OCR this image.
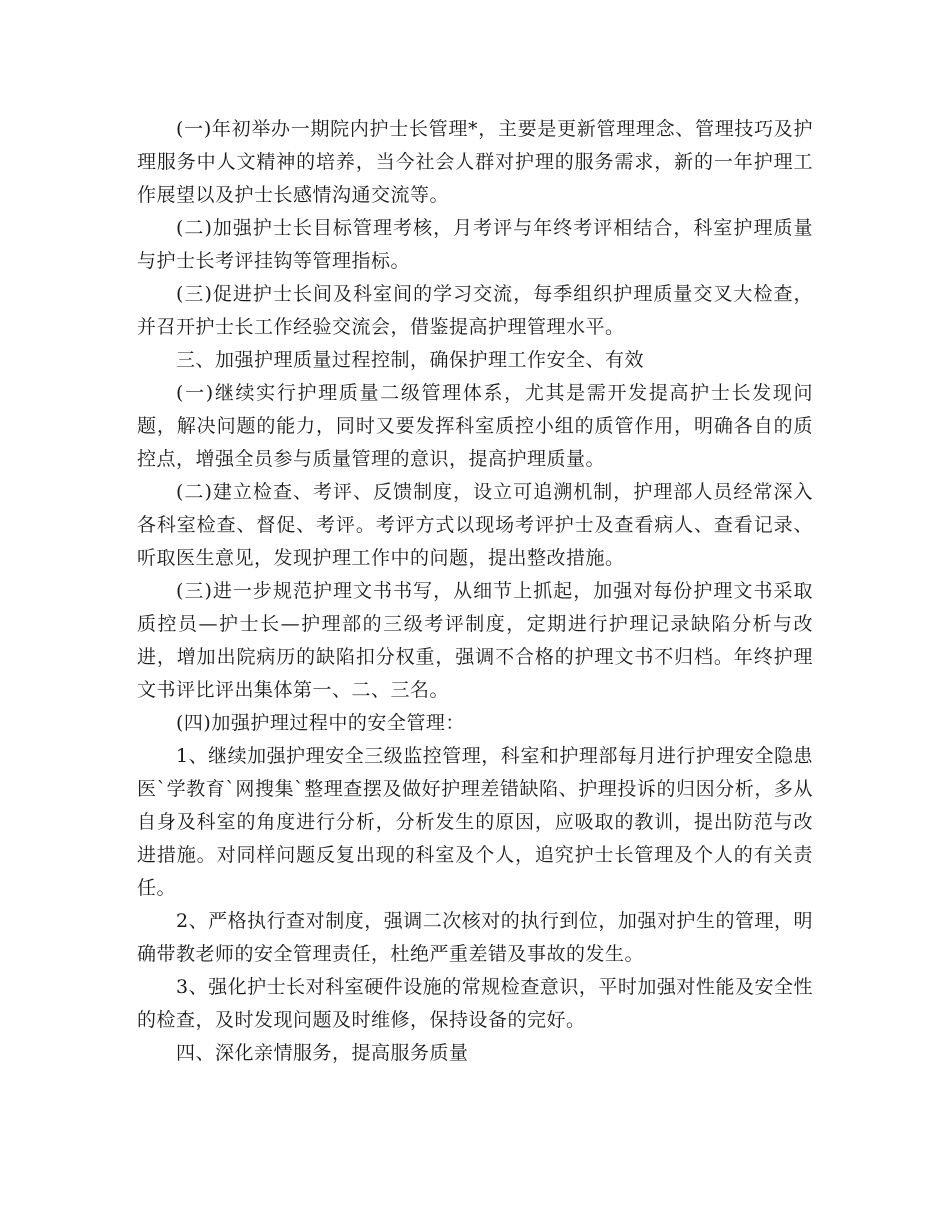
(一)年初举办一期院内护士长管理*，主要是更新管理理念、管理技巧及护理服务中人文精神的培养，当今社会人群对护理的服务需求，新的一年护理工作展望以及护士长感情沟通交流等。

(二)加强护士长目标管理考核，月考评与年终考评相结合，科室护理质量与护士长考评挂钩等管理指标。

(三)促进护士长间及科室间的学习交流，每季组织护理质量交叉大检查，并召开护士长工作经验交流会，借鉴提高护理管理水平。

三、加强护理质量过程控制，确保护理工作安全、有效

(一)继续实行护理质量二级管理体系，尤其是需开发提高护士长发现问题，解决问题的能力，同时又要发挥科室质控小组的质管作用，明确各自的质控点，增强全员参与质量管理的意识，提高护理质量。

(二)建立检查、考评、反馈制度，设立可追溯机制，护理部人员经常深入各科室检查、督促、考评。考评方式以现场考评护士及查看病人、查看记录、听取医生意见，发现护理工作中的问题，提出整改措施。

(三)进一步规范护理文书书写，从细节上抓起，加强对每份护理文书采取质控员—护士长—护理部的三级考评制度，定期进行护理记录缺陷分析与改进，增加出院病历的缺陷扣分权重，强调不合格的护理文书不归档。年终护理文书评比评出集体第一、二、三名。

(四)加强护理过程中的安全管理：

1、继续加强护理安全三级监控管理，科室和护理部每月进行护理安全隐患医`学教育`网搜集`整理查摆及做好护理差错缺陷、护理投诉的归因分析，多从自身及科室的角度进行分析，分析发生的原因，应吸取的教训，提出防范与改进措施。对同样问题反复出现的科室及个人，追究护士长管理及个人的有关责任。

2、严格执行查对制度，强调二次核对的执行到位，加强对护生的管理，明确带教老师的安全管理责任，杜绝严重差错及事故的发生。

3、强化护士长对科室硬件设施的常规检查意识，平时加强对性能及安全性的检查，及时发现问题及时维修，保持设备的完好。

四、深化亲情服务，提高服务质量
